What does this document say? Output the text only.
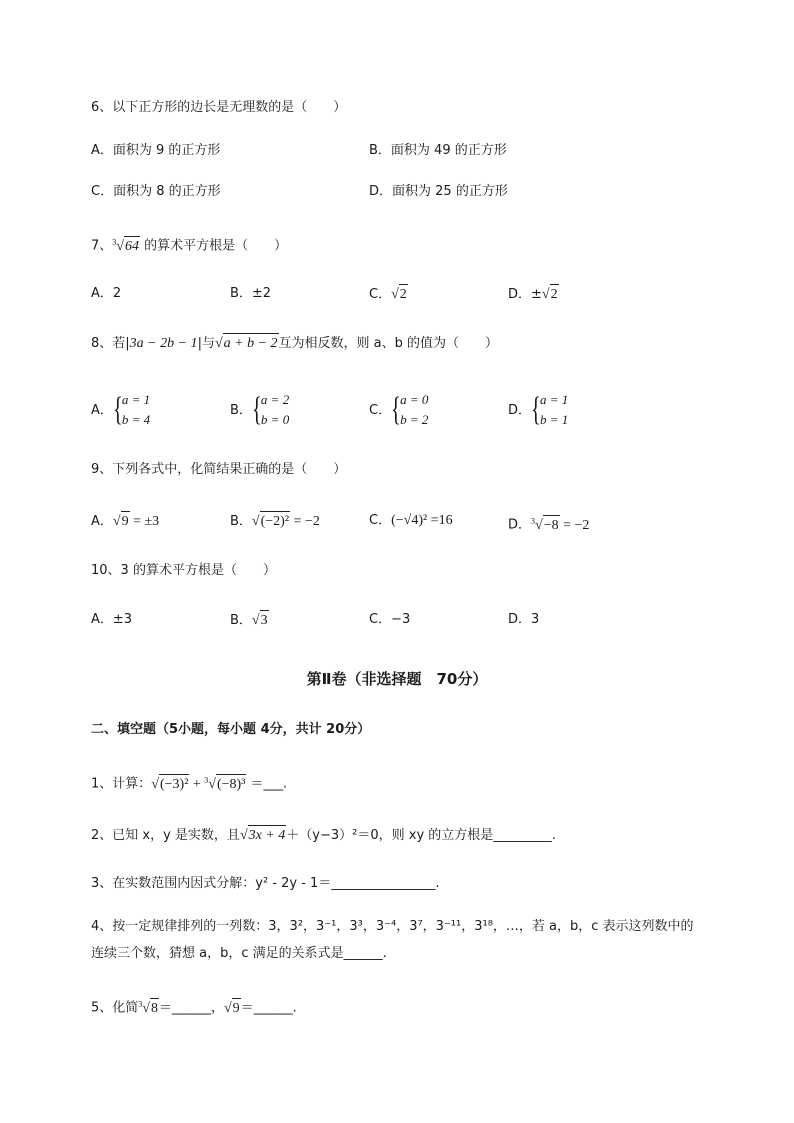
6、以下正方形的边长是无理数的是（　　）
A．面积为 9 的正方形	B．面积为 49 的正方形
C．面积为 8 的正方形	D．面积为 25 的正方形
7、$^3$√64 的算术平方根是（　　）
A．2	B．±2	C．√2	D．±√2
8、若|3a − 2b − 1|与√a + b − 2互为相反数，则 a、b 的值为（　　）
A． { a = 1
b = 4
B． { a = 2
b = 0
C． { a = 0
b = 2
D． { a = 1
b = 1
9、下列各式中，化简结果正确的是（　　）
A．√9 = ±3	B．√(−2)² = −2	C．(−√4)² =16	D．$^3$√−8 = −2
10、3 的算术平方根是（　　）
A．±3	B．√3	C．−3	D．3
第Ⅱ卷（非选择题　70分）
二、填空题（5小题，每小题 4分，共计 20分）
1、计算：√(−3)² + $^3$√(−8)³ ＝___.
2、已知 x，y 是实数，且√3x + 4＋（y−3）²＝0，则 xy 的立方根是_________.
3、在实数范围内因式分解：y² - 2y - 1＝________________.
4、按一定规律排列的一列数：3，3²，3⁻¹，3³，3⁻⁴，3⁷，3⁻¹¹，3¹⁸，…，若 a，b，c 表示这列数中的
连续三个数，猜想 a，b，c 满足的关系式是______.
5、化简$^3$√8＝______，√9＝______.
